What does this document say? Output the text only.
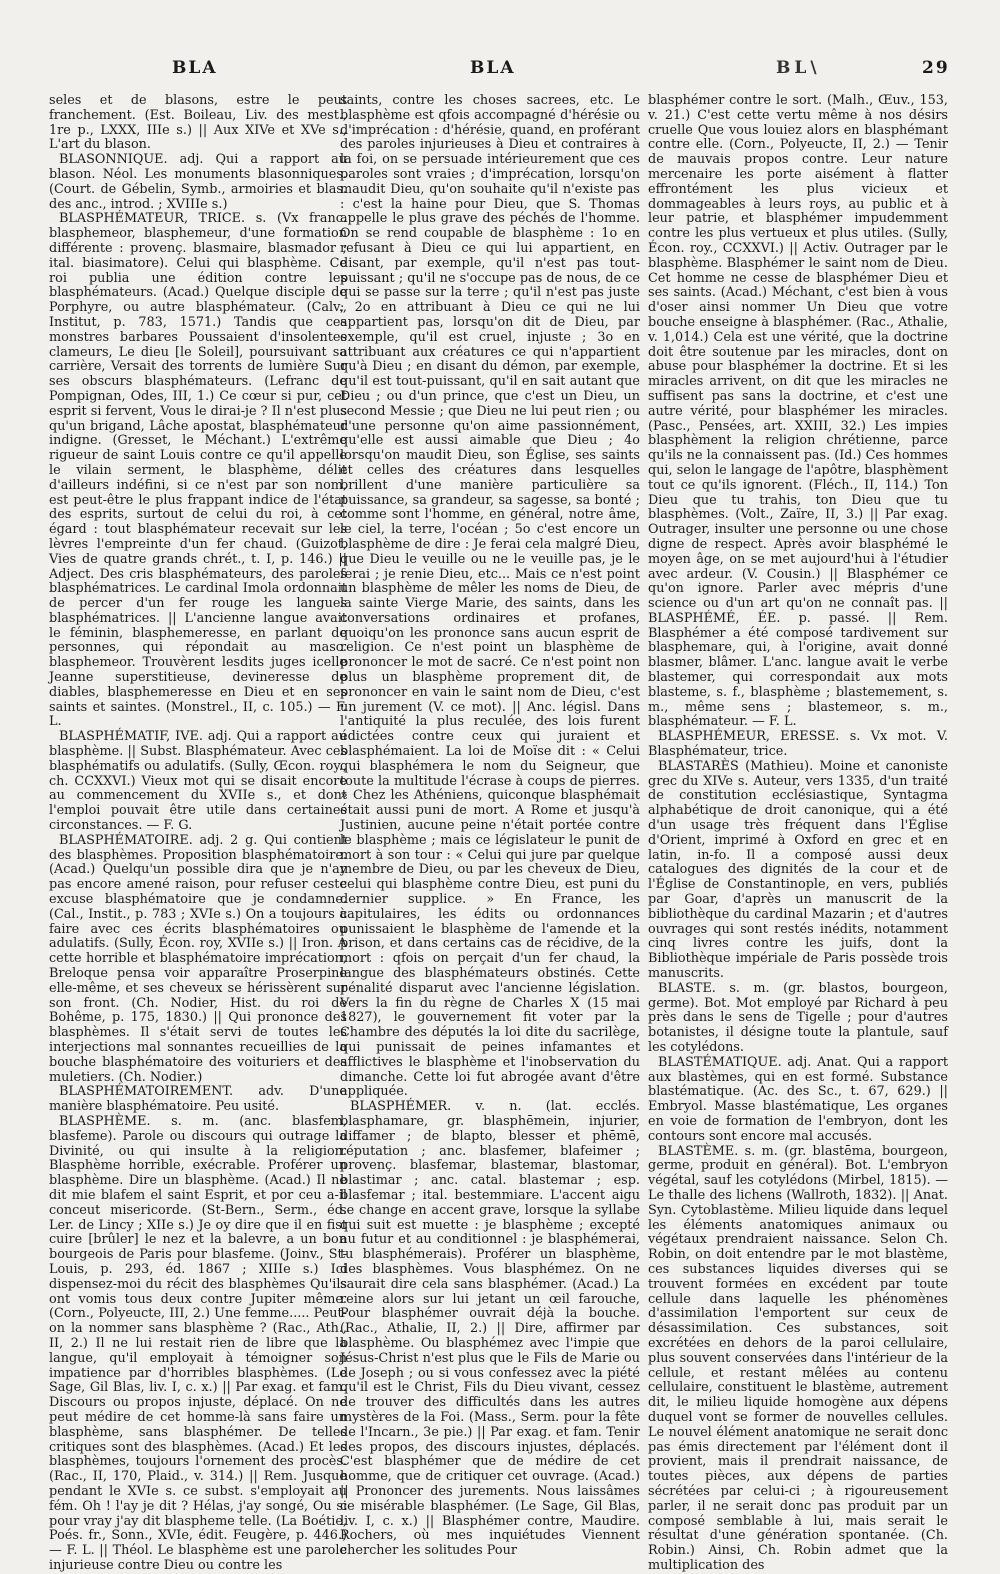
BLA	BLA	BL\	29

seles et de blasons, estre le peut franchement. (Est. Boileau, Liv. des mest., 1re p., LXXX, IIIe s.) || Aux XIVe et XVe s., L'art du blason.

BLASONNIQUE. adj. Qui a rapport au blason. Néol. Les monuments blasonniques. (Court. de Gébelin, Symb., armoiries et blas. des anc., introd. ; XVIIIe s.)

BLASPHÉMATEUR, TRICE. s. (Vx franc. blasphemeor, blasphemeur, d'une formation différente : provenç. blasmaire, blasmador ; ital. biasimatore). Celui qui blasphème. Ce roi publia une édition contre les blasphémateurs. (Acad.) Quelque disciple de Porphyre, ou autre blasphémateur. (Calv., Institut, p. 783, 1571.) Tandis que ces monstres barbares Poussaient d'insolentes clameurs, Le dieu [le Soleil], poursuivant sa carrière, Versait des torrents de lumière Sur ses obscurs blasphémateurs. (Lefranc de Pompignan, Odes, III, 1.) Ce cœur si pur, cet esprit si fervent, Vous le dirai-je ? Il n'est plus qu'un brigand, Lâche apostat, blasphémateur indigne. (Gresset, le Méchant.) L'extrême rigueur de saint Louis contre ce qu'il appelle le vilain serment, le blasphème, délit d'ailleurs indéfini, si ce n'est par son nom, est peut-être le plus frappant indice de l'état des esprits, surtout de celui du roi, à cet égard : tout blasphémateur recevait sur les lèvres l'empreinte d'un fer chaud. (Guizot, Vies de quatre grands chrét., t. I, p. 146.) || Adject. Des cris blasphémateurs, des paroles blasphématrices. Le cardinal Imola ordonnait de percer d'un fer rouge les langues blasphématrices. || L'ancienne langue avait le féminin, blasphemeresse, en parlant de personnes, qui répondait au masc. blasphemeor. Trouvèrent lesdits juges icelle Jeanne superstitieuse, devineresse de diables, blasphemeresse en Dieu et en ses saints et saintes. (Monstrel., II, c. 105.) — F. L.

BLASPHÉMATIF, IVE. adj. Qui a rapport au blasphème. || Subst. Blasphémateur. Avec ces blasphématifs ou adulatifs. (Sully, Œcon. roy., ch. CCXXVI.) Vieux mot qui se disait encore au commencement du XVIIe s., et dont l'emploi pouvait être utile dans certaines circonstances. — F. G.

BLASPHÉMATOIRE. adj. 2 g. Qui contient des blasphèmes. Proposition blasphématoire. (Acad.) Quelqu'un possible dira que je n'ay pas encore amené raison, pour refuser ceste excuse blasphématoire que je condamne. (Cal., Instit., p. 783 ; XVIe s.) On a toujours à faire avec ces écrits blasphématoires ou adulatifs. (Sully, Écon. roy, XVIIe s.) || Iron. A cette horrible et blasphématoire imprécation, Breloque pensa voir apparaître Proserpine elle-même, et ses cheveux se hérissèrent sur son front. (Ch. Nodier, Hist. du roi de Bohême, p. 175, 1830.) || Qui prononce des blasphèmes. Il s'était servi de toutes les interjections mal sonnantes recueillies de la bouche blasphématoire des voituriers et des muletiers. (Ch. Nodier.)

BLASPHÉMATOIREMENT. adv. D'une manière blasphématoire. Peu usité.

BLASPHÈME. s. m. (anc. blasfem, blasfeme). Parole ou discours qui outrage la Divinité, ou qui insulte à la religion. Blasphème horrible, exécrable. Proférer un blasphème. Dire un blasphème. (Acad.) Il ne dit mie blafem el saint Esprit, et por ceu a-il conceut misericorde. (St-Bern., Serm., éd. Ler. de Lincy ; XIIe s.) Je oy dire que il en fist cuire [brûler] le nez et la balevre, a un bon bourgeois de Paris pour blasfeme. (Joinv., St-Louis, p. 293, éd. 1867 ; XIIIe s.) Ici dispensez-moi du récit des blasphèmes Qu'ils ont vomis tous deux contre Jupiter même. (Corn., Polyeucte, III, 2.) Une femme..... Peut-on la nommer sans blasphème ? (Rac., Ath., II, 2.) Il ne lui restait rien de libre que la langue, qu'il employait à témoigner son impatience par d'horribles blasphèmes. (Le Sage, Gil Blas, liv. I, c. x.) || Par exag. et fam. Discours ou propos injuste, déplacé. On ne peut médire de cet homme-là sans faire un blasphème, sans blasphémer. De telles critiques sont des blasphèmes. (Acad.) Et les blasphèmes, toujours l'ornement des procès. (Rac., II, 170, Plaid., v. 314.) || Rem. Jusque pendant le XVIe s. ce subst. s'employait au fém. Oh ! l'ay je dit ? Hélas, j'ay songé, Ou si pour vray j'ay dit blaspheme telle. (La Boétie, Poés. fr., Sonn., XVIe, édit. Feugère, p. 446.) — F. L. || Théol. Le blasphème est une parole injurieuse contre Dieu ou contre les

saints, contre les choses sacrees, etc. Le blasphème est qfois accompagné d'hérésie ou d'imprécation : d'hérésie, quand, en proférant des paroles injurieuses à Dieu et contraires à la foi, on se persuade intérieurement que ces paroles sont vraies ; d'imprécation, lorsqu'on maudit Dieu, qu'on souhaite qu'il n'existe pas : c'est la haine pour Dieu, que S. Thomas appelle le plus grave des péchés de l'homme. On se rend coupable de blasphème : 1o en refusant à Dieu ce qui lui appartient, en disant, par exemple, qu'il n'est pas tout-puissant ; qu'il ne s'occupe pas de nous, de ce qui se passe sur la terre ; qu'il n'est pas juste ; 2o en attribuant à Dieu ce qui ne lui appartient pas, lorsqu'on dit de Dieu, par exemple, qu'il est cruel, injuste ; 3o en attribuant aux créatures ce qui n'appartient qu'à Dieu ; en disant du démon, par exemple, qu'il est tout-puissant, qu'il en sait autant que Dieu ; ou d'un prince, que c'est un Dieu, un second Messie ; que Dieu ne lui peut rien ; ou d'une personne qu'on aime passionnément, qu'elle est aussi aimable que Dieu ; 4o lorsqu'on maudit Dieu, son Église, ses saints et celles des créatures dans lesquelles brillent d'une manière particulière sa puissance, sa grandeur, sa sagesse, sa bonté ; comme sont l'homme, en général, notre âme, le ciel, la terre, l'océan ; 5o c'est encore un blasphème de dire : Je ferai cela malgré Dieu, que Dieu le veuille ou ne le veuille pas, je le ferai ; je renie Dieu, etc... Mais ce n'est point un blasphème de mêler les noms de Dieu, de la sainte Vierge Marie, des saints, dans les conversations ordinaires et profanes, quoiqu'on les prononce sans aucun esprit de religion. Ce n'est point un blasphème de prononcer le mot de sacré. Ce n'est point non plus un blasphème proprement dit, de prononcer en vain le saint nom de Dieu, c'est un jurement (V. ce mot). || Anc. législ. Dans l'antiquité la plus reculée, des lois furent édictées contre ceux qui juraient et blasphémaient. La loi de Moïse dit : « Celui qui blasphémera le nom du Seigneur, que toute la multitude l'écrase à coups de pierres. » Chez les Athéniens, quiconque blasphémait était aussi puni de mort. A Rome et jusqu'à Justinien, aucune peine n'était portée contre le blasphème ; mais ce législateur le punit de mort à son tour : « Celui qui jure par quelque membre de Dieu, ou par les cheveux de Dieu, celui qui blasphème contre Dieu, est puni du dernier supplice. » En France, les capitulaires, les édits ou ordonnances punissaient le blasphème de l'amende et la prison, et dans certains cas de récidive, de la mort : qfois on perçait d'un fer chaud, la langue des blasphémateurs obstinés. Cette pénalité disparut avec l'ancienne législation. Vers la fin du règne de Charles X (15 mai 1827), le gouvernement fit voter par la Chambre des députés la loi dite du sacrilège, qui punissait de peines infamantes et afflictives le blasphème et l'inobservation du dimanche. Cette loi fut abrogée avant d'être appliquée.

BLASPHÉMER. v. n. (lat. ecclés. blasphamare, gr. blasphēmein, injurier, diffamer ; de blapto, blesser et phēmē, réputation ; anc. blasfemer, blafeimer ; provenç. blasfemar, blastemar, blastomar, blastimar ; anc. catal. blastemar ; esp. blasfemar ; ital. bestemmiare. L'accent aigu se change en accent grave, lorsque la syllabe qui suit est muette : je blasphème ; excepté au futur et au conditionnel : je blasphémerai, tu blasphémerais). Proférer un blasphème, des blasphèmes. Vous blasphémez. On ne saurait dire cela sans blasphémer. (Acad.) La reine alors sur lui jetant un œil farouche, Pour blasphémer ouvrait déjà la bouche. (Rac., Athalie, II, 2.) || Dire, affirmer par blasphème. Ou blasphémez avec l'impie que Jésus-Christ n'est plus que le Fils de Marie ou de Joseph ; ou si vous confessez avec la piété qu'il est le Christ, Fils du Dieu vivant, cessez de trouver des difficultés dans les autres mystères de la Foi. (Mass., Serm. pour la fête de l'Incarn., 3e pie.) || Par exag. et fam. Tenir des propos, des discours injustes, déplacés. C'est blasphémer que de médire de cet homme, que de critiquer cet ouvrage. (Acad.) || Prononcer des jurements. Nous laissâmes ce misérable blasphémer. (Le Sage, Gil Blas, liv. I, c. x.) || Blasphémer contre, Maudire. Rochers, où mes inquiétudes Viennent chercher les solitudes Pour

blasphémer contre le sort. (Malh., Œuv., 153, v. 21.) C'est cette vertu même à nos désirs cruelle Que vous louiez alors en blasphémant contre elle. (Corn., Polyeucte, II, 2.) — Tenir de mauvais propos contre. Leur nature mercenaire les porte aisément à flatter effrontément les plus vicieux et dommageables à leurs roys, au public et à leur patrie, et blasphémer impudemment contre les plus vertueux et plus utiles. (Sully, Écon. roy., CCXXVI.) || Activ. Outrager par le blasphème. Blasphémer le saint nom de Dieu. Cet homme ne cesse de blasphémer Dieu et ses saints. (Acad.) Méchant, c'est bien à vous d'oser ainsi nommer Un Dieu que votre bouche enseigne à blasphémer. (Rac., Athalie, v. 1,014.) Cela est une vérité, que la doctrine doit être soutenue par les miracles, dont on abuse pour blasphémer la doctrine. Et si les miracles arrivent, on dit que les miracles ne suffisent pas sans la doctrine, et c'est une autre vérité, pour blasphémer les miracles. (Pasc., Pensées, art. XXIII, 32.) Les impies blasphèment la religion chrétienne, parce qu'ils ne la connaissent pas. (Id.) Ces hommes qui, selon le langage de l'apôtre, blasphèment tout ce qu'ils ignorent. (Fléch., II, 114.) Ton Dieu que tu trahis, ton Dieu que tu blasphèmes. (Volt., Zaïre, II, 3.) || Par exag. Outrager, insulter une personne ou une chose digne de respect. Après avoir blasphémé le moyen âge, on se met aujourd'hui à l'étudier avec ardeur. (V. Cousin.) || Blasphémer ce qu'on ignore. Parler avec mépris d'une science ou d'un art qu'on ne connaît pas. || BLASPHÉMÉ, ÉE. p. passé. || Rem. Blasphémer a été composé tardivement sur blasphemare, qui, à l'origine, avait donné blasmer, blâmer. L'anc. langue avait le verbe blastemer, qui correspondait aux mots blasteme, s. f., blasphème ; blastemement, s. m., même sens ; blastemeor, s. m., blasphémateur. — F. L.

BLASPHÉMEUR, ERESSE. s. Vx mot. V. Blasphémateur, trice.

BLASTARÈS (Mathieu). Moine et canoniste grec du XIVe s. Auteur, vers 1335, d'un traité de constitution ecclésiastique, Syntagma alphabétique de droit canonique, qui a été d'un usage très fréquent dans l'Église d'Orient, imprimé à Oxford en grec et en latin, in-fo. Il a composé aussi deux catalogues des dignités de la cour et de l'Église de Constantinople, en vers, publiés par Goar, d'après un manuscrit de la bibliothèque du cardinal Mazarin ; et d'autres ouvrages qui sont restés inédits, notamment cinq livres contre les juifs, dont la Bibliothèque impériale de Paris possède trois manuscrits.

BLASTE. s. m. (gr. blastos, bourgeon, germe). Bot. Mot employé par Richard à peu près dans le sens de Tigelle ; pour d'autres botanistes, il désigne toute la plantule, sauf les cotylédons.

BLASTÉMATIQUE. adj. Anat. Qui a rapport aux blastèmes, qui en est formé. Substance blastématique. (Ac. des Sc., t. 67, 629.) || Embryol. Masse blastématique, Les organes en voie de formation de l'embryon, dont les contours sont encore mal accusés.

BLASTÈME. s. m. (gr. blastēma, bourgeon, germe, produit en général). Bot. L'embryon végétal, sauf les cotylédons (Mirbel, 1815). — Le thalle des lichens (Wallroth, 1832). || Anat. Syn. Cytoblastème. Milieu liquide dans lequel les éléments anatomiques animaux ou végétaux prendraient naissance. Selon Ch. Robin, on doit entendre par le mot blastème, ces substances liquides diverses qui se trouvent formées en excédent par toute cellule dans laquelle les phénomènes d'assimilation l'emportent sur ceux de désassimilation. Ces substances, soit excrétées en dehors de la paroi cellulaire, plus souvent conservées dans l'intérieur de la cellule, et restant mêlées au contenu cellulaire, constituent le blastème, autrement dit, le milieu liquide homogène aux dépens duquel vont se former de nouvelles cellules. Le nouvel élément anatomique ne serait donc pas émis directement par l'élément dont il provient, mais il prendrait naissance, de toutes pièces, aux dépens de parties sécrétées par celui-ci ; à rigoureusement parler, il ne serait donc pas produit par un composé semblable à lui, mais serait le résultat d'une génération spontanée. (Ch. Robin.) Ainsi, Ch. Robin admet que la multiplication des
